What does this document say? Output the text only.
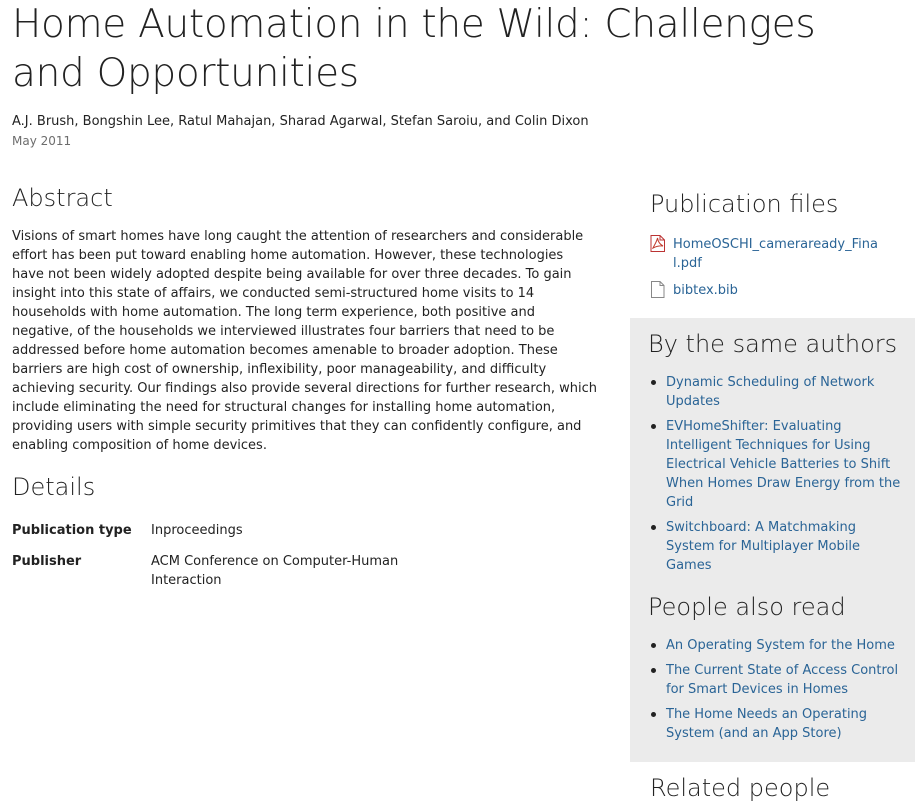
Home Automation in the Wild: Challenges and Opportunities
A.J. Brush, Bongshin Lee, Ratul Mahajan, Sharad Agarwal, Stefan Saroiu, and Colin Dixon
May 2011
Abstract

Visions of smart homes have long caught the attention of researchers and considerable effort has been put toward enabling home automation. However, these technologies have not been widely adopted despite being available for over three decades. To gain insight into this state of affairs, we conducted semi-structured home visits to 14 households with home automation. The long term experience, both positive and negative, of the households we interviewed illustrates four barriers that need to be addressed before home automation becomes amenable to broader adoption. These barriers are high cost of ownership, inflexibility, poor manageability, and difficulty achieving security. Our findings also provide several directions for further research, which include eliminating the need for structural changes for installing home automation, providing users with simple security primitives that they can confidently configure, and enabling composition of home devices.

Details
Publication type Inproceedings
Publisher	ACM Conference on Computer-Human Interaction
Publication files
HomeOSCHI_cameraready_Final.pdf
bibtex.bib
By the same authors
Dynamic Scheduling of Network Updates
EVHomeShifter: Evaluating Intelligent Techniques for Using Electrical Vehicle Batteries to Shift When Homes Draw Energy from the Grid
Switchboard: A Matchmaking System for Multiplayer Mobile Games
People also read
An Operating System for the Home
The Current State of Access Control for Smart Devices in Homes
The Home Needs an Operating System (and an App Store)
Related people
